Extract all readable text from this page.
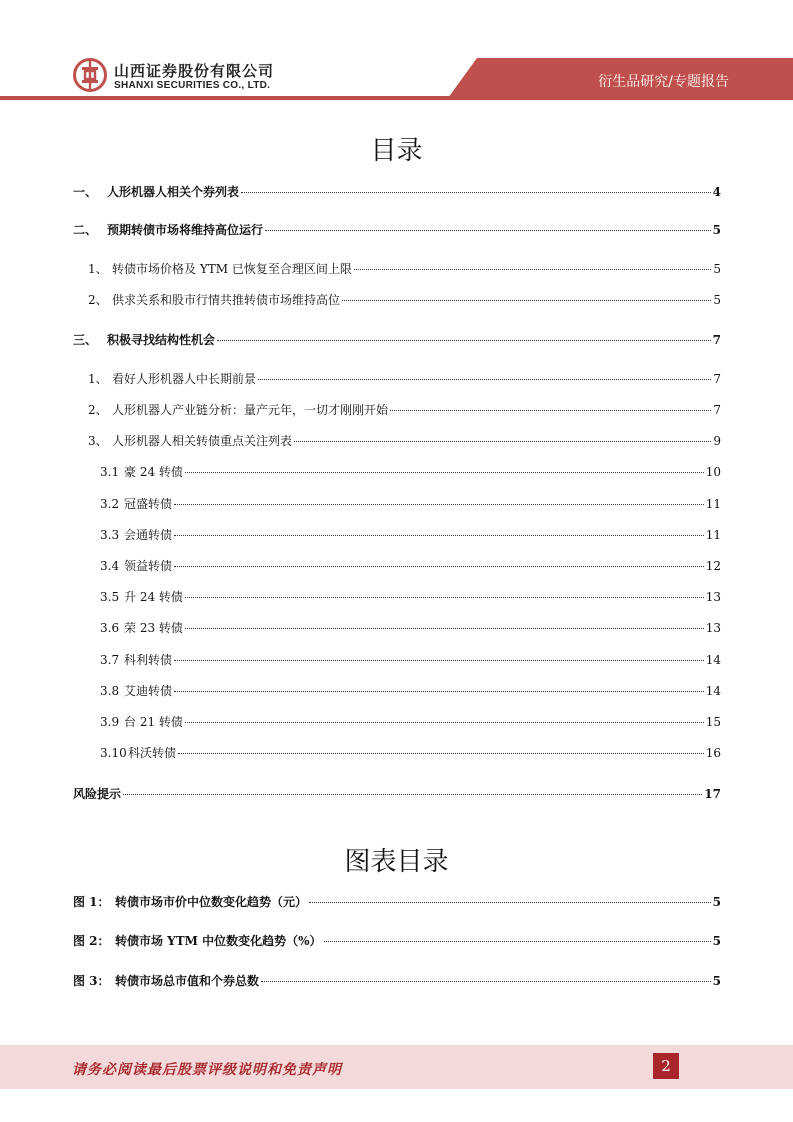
山西证券股份有限公司
SHANXI SECURITIES CO., LTD.	衍生品研究/专题报告
目录
一、 人形机器人相关个券列表	4
二、 预期转债市场将维持高位运行	5
1、 转债市场价格及 YTM 已恢复至合理区间上限	5
2、 供求关系和股市行情共推转债市场维持高位	5
三、 积极寻找结构性机会	7
1、 看好人形机器人中长期前景	7
2、 人形机器人产业链分析：量产元年，一切才刚刚开始	7
3、 人形机器人相关转债重点关注列表	9
3.1 豪 24 转债	10
3.2 冠盛转债	11
3.3 会通转债	11
3.4 领益转债	12
3.5 升 24 转债	13
3.6 荣 23 转债	13
3.7 科利转债	14
3.8 艾迪转债	14
3.9 台 21 转债	15
3.10 科沃转债	16
风险提示	17
图表目录
图 1： 转债市场市价中位数变化趋势（元）	5
图 2： 转债市场 YTM 中位数变化趋势（%）	5
图 3： 转债市场总市值和个券总数	5
请务必阅读最后股票评级说明和免责声明	2
